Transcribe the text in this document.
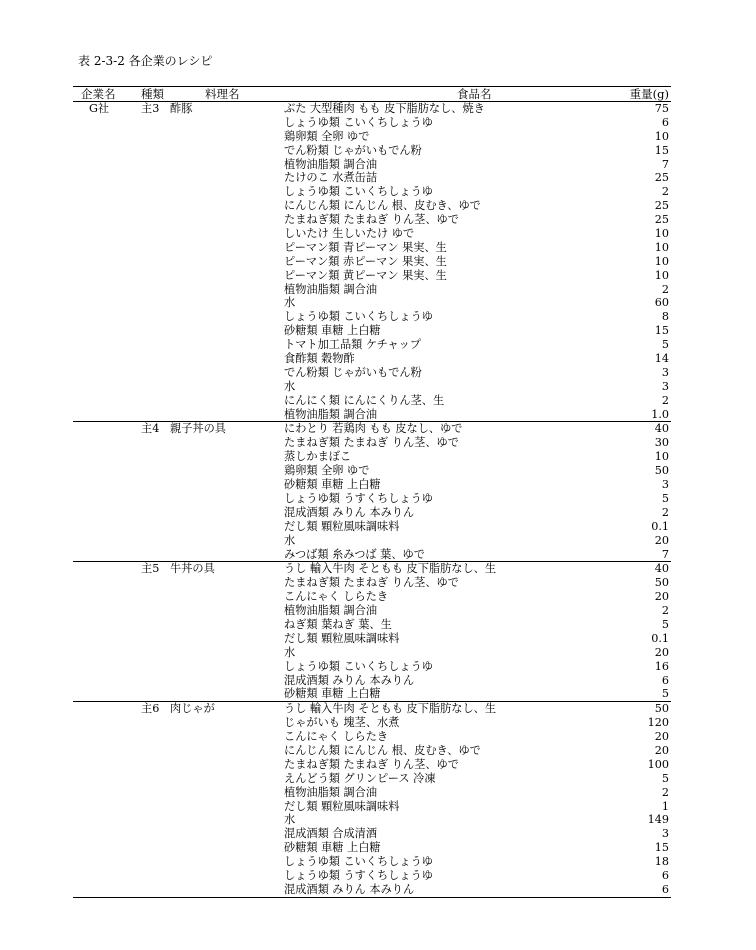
表 2-3-2 各企業のレシピ
企業名 種類	料理名	食品名	重量(g)
G社	主3 酢豚	ぶた 大型種肉 もも 皮下脂肪なし、焼き	75
しょうゆ類 こいくちしょうゆ	6
鶏卵類 全卵 ゆで	10
でん粉類 じゃがいもでん粉	15
植物油脂類 調合油	7
たけのこ 水煮缶詰	25
しょうゆ類 こいくちしょうゆ	2
にんじん類 にんじん 根、皮むき、ゆで	25
たまねぎ類 たまねぎ りん茎、ゆで	25
しいたけ 生しいたけ ゆで	10
ピーマン類 青ピーマン 果実、生	10
ピーマン類 赤ピーマン 果実、生	10
ピーマン類 黄ピーマン 果実、生	10
植物油脂類 調合油	2
水	60
しょうゆ類 こいくちしょうゆ	8
砂糖類 車糖 上白糖	15
トマト加工品類 ケチャップ	5
食酢類 穀物酢	14
でん粉類 じゃがいもでん粉	3
水	3
にんにく類 にんにくりん茎、生	2
植物油脂類 調合油	1.0
主4 親子丼の具	にわとり 若鶏肉 もも 皮なし、ゆで	40
たまねぎ類 たまねぎ りん茎、ゆで	30
蒸しかまぼこ	10
鶏卵類 全卵 ゆで	50
砂糖類 車糖 上白糖	3
しょうゆ類 うすくちしょうゆ	5
混成酒類 みりん 本みりん	2
だし類 顆粒風味調味料	0.1
水	20
みつば類 糸みつば 葉、ゆで	7
主5 牛丼の具	うし 輸入牛肉 そともも 皮下脂肪なし、生	40
たまねぎ類 たまねぎ りん茎、ゆで	50
こんにゃく しらたき	20
植物油脂類 調合油	2
ねぎ類 葉ねぎ 葉、生	5
だし類 顆粒風味調味料	0.1
水	20
しょうゆ類 こいくちしょうゆ	16
混成酒類 みりん 本みりん	6
砂糖類 車糖 上白糖	5
主6 肉じゃが	うし 輸入牛肉 そともも 皮下脂肪なし、生	50
じゃがいも 塊茎、水煮	120
こんにゃく しらたき	20
にんじん類 にんじん 根、皮むき、ゆで	20
たまねぎ類 たまねぎ りん茎、ゆで	100
えんどう類 グリンピース 冷凍	5
植物油脂類 調合油	2
だし類 顆粒風味調味料	1
水	149
混成酒類 合成清酒	3
砂糖類 車糖 上白糖	15
しょうゆ類 こいくちしょうゆ	18
しょうゆ類 うすくちしょうゆ	6
混成酒類 みりん 本みりん	6
